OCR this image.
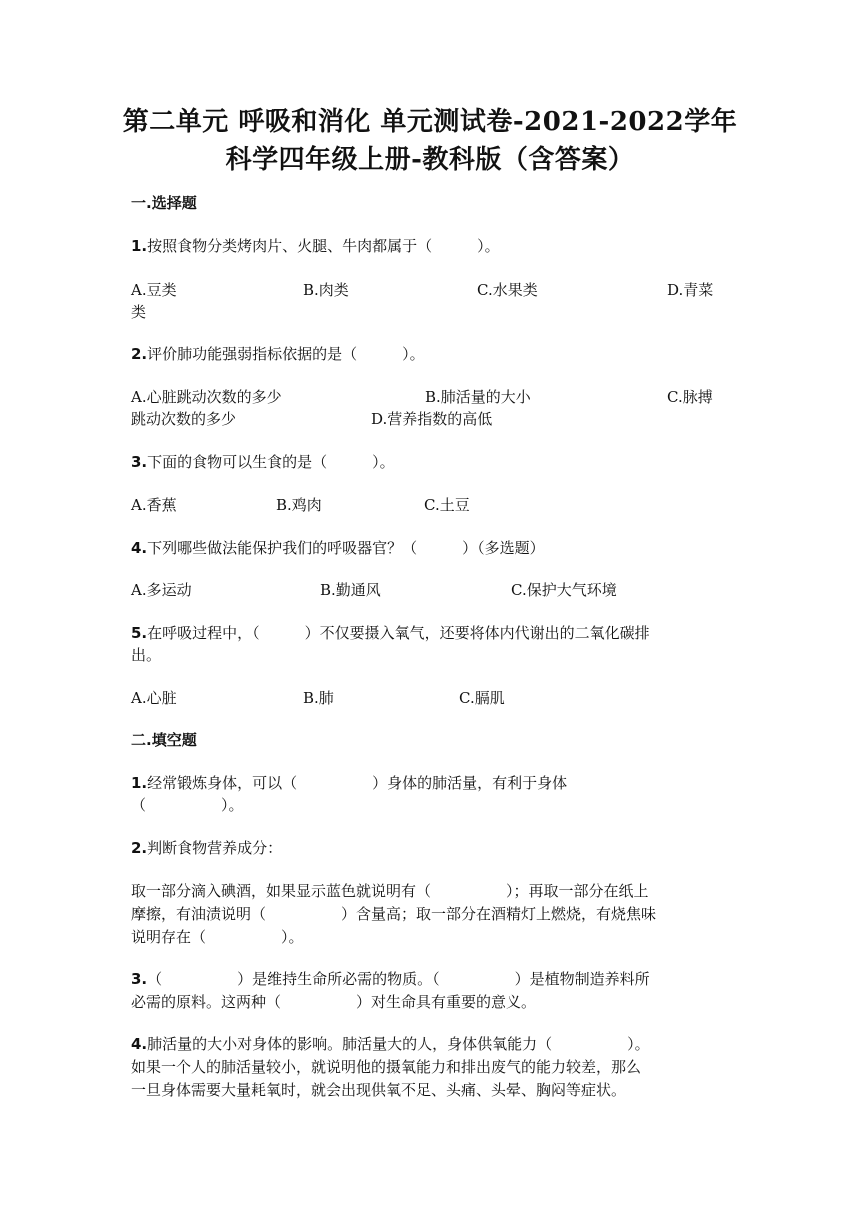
第二单元 呼吸和消化 单元测试卷-2021-2022学年
科学四年级上册-教科版（含答案）
一.选择题
1.按照食物分类烤肉片、火腿、牛肉都属于（　　　）。
A.豆类	B.肉类	C.水果类	D.青菜
类
2.评价肺功能强弱指标依据的是（　　　）。
A.心脏跳动次数的多少	B.肺活量的大小	C.脉搏
跳动次数的多少	D.营养指数的高低
3.下面的食物可以生食的是（　　　）。
A.香蕉	B.鸡肉	C.土豆
4.下列哪些做法能保护我们的呼吸器官？（　　　）（多选题）
A.多运动	B.勤通风	C.保护大气环境
5.在呼吸过程中，（　　　）不仅要摄入氧气，还要将体内代谢出的二氧化碳排
出。
A.心脏	B.肺	C.膈肌
二.填空题
1.经常锻炼身体，可以（　　　　　）身体的肺活量，有利于身体
（　　　　　）。
2.判断食物营养成分：
取一部分滴入碘酒，如果显示蓝色就说明有（　　　　　）；再取一部分在纸上
摩擦，有油渍说明（　　　　　）含量高；取一部分在酒精灯上燃烧，有烧焦味
说明存在（　　　　　）。
3.（　　　　　）是维持生命所必需的物质。（　　　　　）是植物制造养料所
必需的原料。这两种（　　　　　）对生命具有重要的意义。
4.肺活量的大小对身体的影响。肺活量大的人，身体供氧能力（　　　　　）。
如果一个人的肺活量较小，就说明他的摄氧能力和排出废气的能力较差，那么
一旦身体需要大量耗氧时，就会出现供氧不足、头痛、头晕、胸闷等症状。
